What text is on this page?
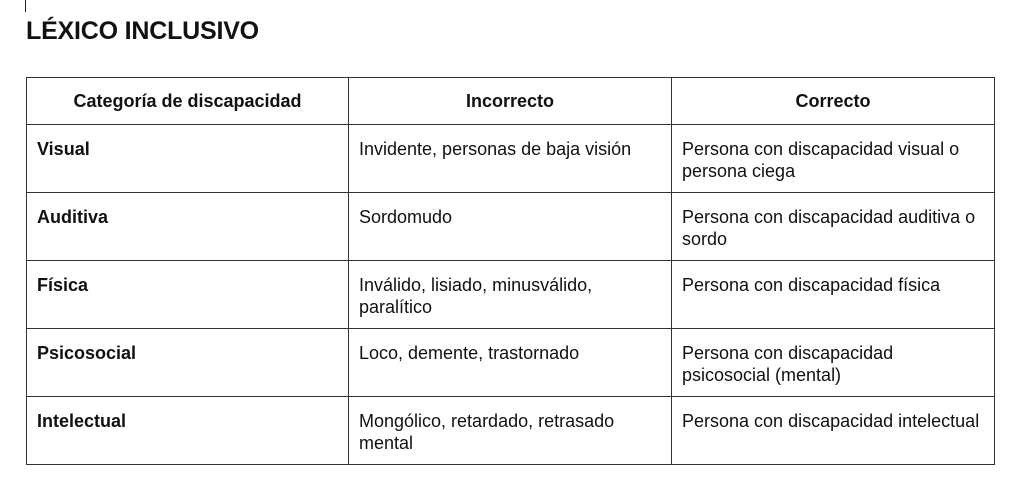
LÉXICO INCLUSIVO
Categoría de discapacidad	Incorrecto	Correcto
Visual	Invidente, personas de baja visión	Persona con discapacidad visual o persona ciega
Auditiva	Sordomudo	Persona con discapacidad auditiva o sordo
Física	Inválido, lisiado, minusválido, paralítico	Persona con discapacidad física
Psicosocial	Loco, demente, trastornado	Persona con discapacidad psicosocial (mental)
Intelectual	Mongólico, retardado, retrasado mental	Persona con discapacidad intelectual
